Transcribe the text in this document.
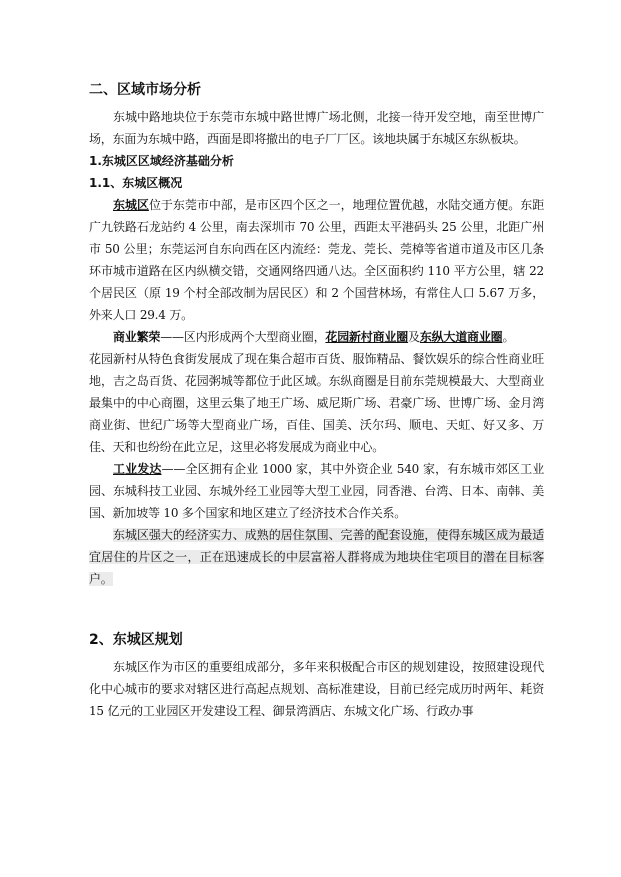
二、区域市场分析

东城中路地块位于东莞市东城中路世博广场北侧，北接一待开发空地，南至世博广场，东面为东城中路，西面是即将撤出的电子厂厂区。该地块属于东城区东纵板块。

1.东城区区域经济基础分析

1.1、东城区概况

东城区位于东莞市中部，是市区四个区之一，地理位置优越，水陆交通方便。东距广九铁路石龙站约 4 公里，南去深圳市 70 公里，西距太平港码头 25 公里，北距广州市 50 公里；东莞运河自东向西在区内流经：莞龙、莞长、莞樟等省道市道及市区几条环市城市道路在区内纵横交错，交通网络四通八达。全区面积约 110 平方公里，辖 22 个居民区（原 19 个村全部改制为居民区）和 2 个国营林场，有常住人口 5.67 万多，外来人口 29.4 万。

商业繁荣——区内形成两个大型商业圈，花园新村商业圈及东纵大道商业圈。

花园新村从特色食街发展成了现在集合超市百货、服饰精品、餐饮娱乐的综合性商业旺地，吉之岛百货、花园粥城等都位于此区域。东纵商圈是目前东莞规模最大、大型商业最集中的中心商圈，这里云集了地王广场、威尼斯广场、君豪广场、世博广场、金月湾商业街、世纪广场等大型商业广场，百佳、国美、沃尔玛、顺电、天虹、好又多、万佳、天和也纷纷在此立足，这里必将发展成为商业中心。

工业发达——全区拥有企业 1000 家，其中外资企业 540 家，有东城市郊区工业园、东城科技工业园、东城外经工业园等大型工业园，同香港、台湾、日本、南韩、美国、新加坡等 10 多个国家和地区建立了经济技术合作关系。

东城区强大的经济实力、成熟的居住氛围、完善的配套设施，使得东城区成为最适宜居住的片区之一，正在迅速成长的中层富裕人群将成为地块住宅项目的潜在目标客户。

2、东城区规划

东城区作为市区的重要组成部分，多年来积极配合市区的规划建设，按照建设现代化中心城市的要求对辖区进行高起点规划、高标准建设，目前已经完成历时两年、耗资 15 亿元的工业园区开发建设工程、御景湾酒店、东城文化广场、行政办事
